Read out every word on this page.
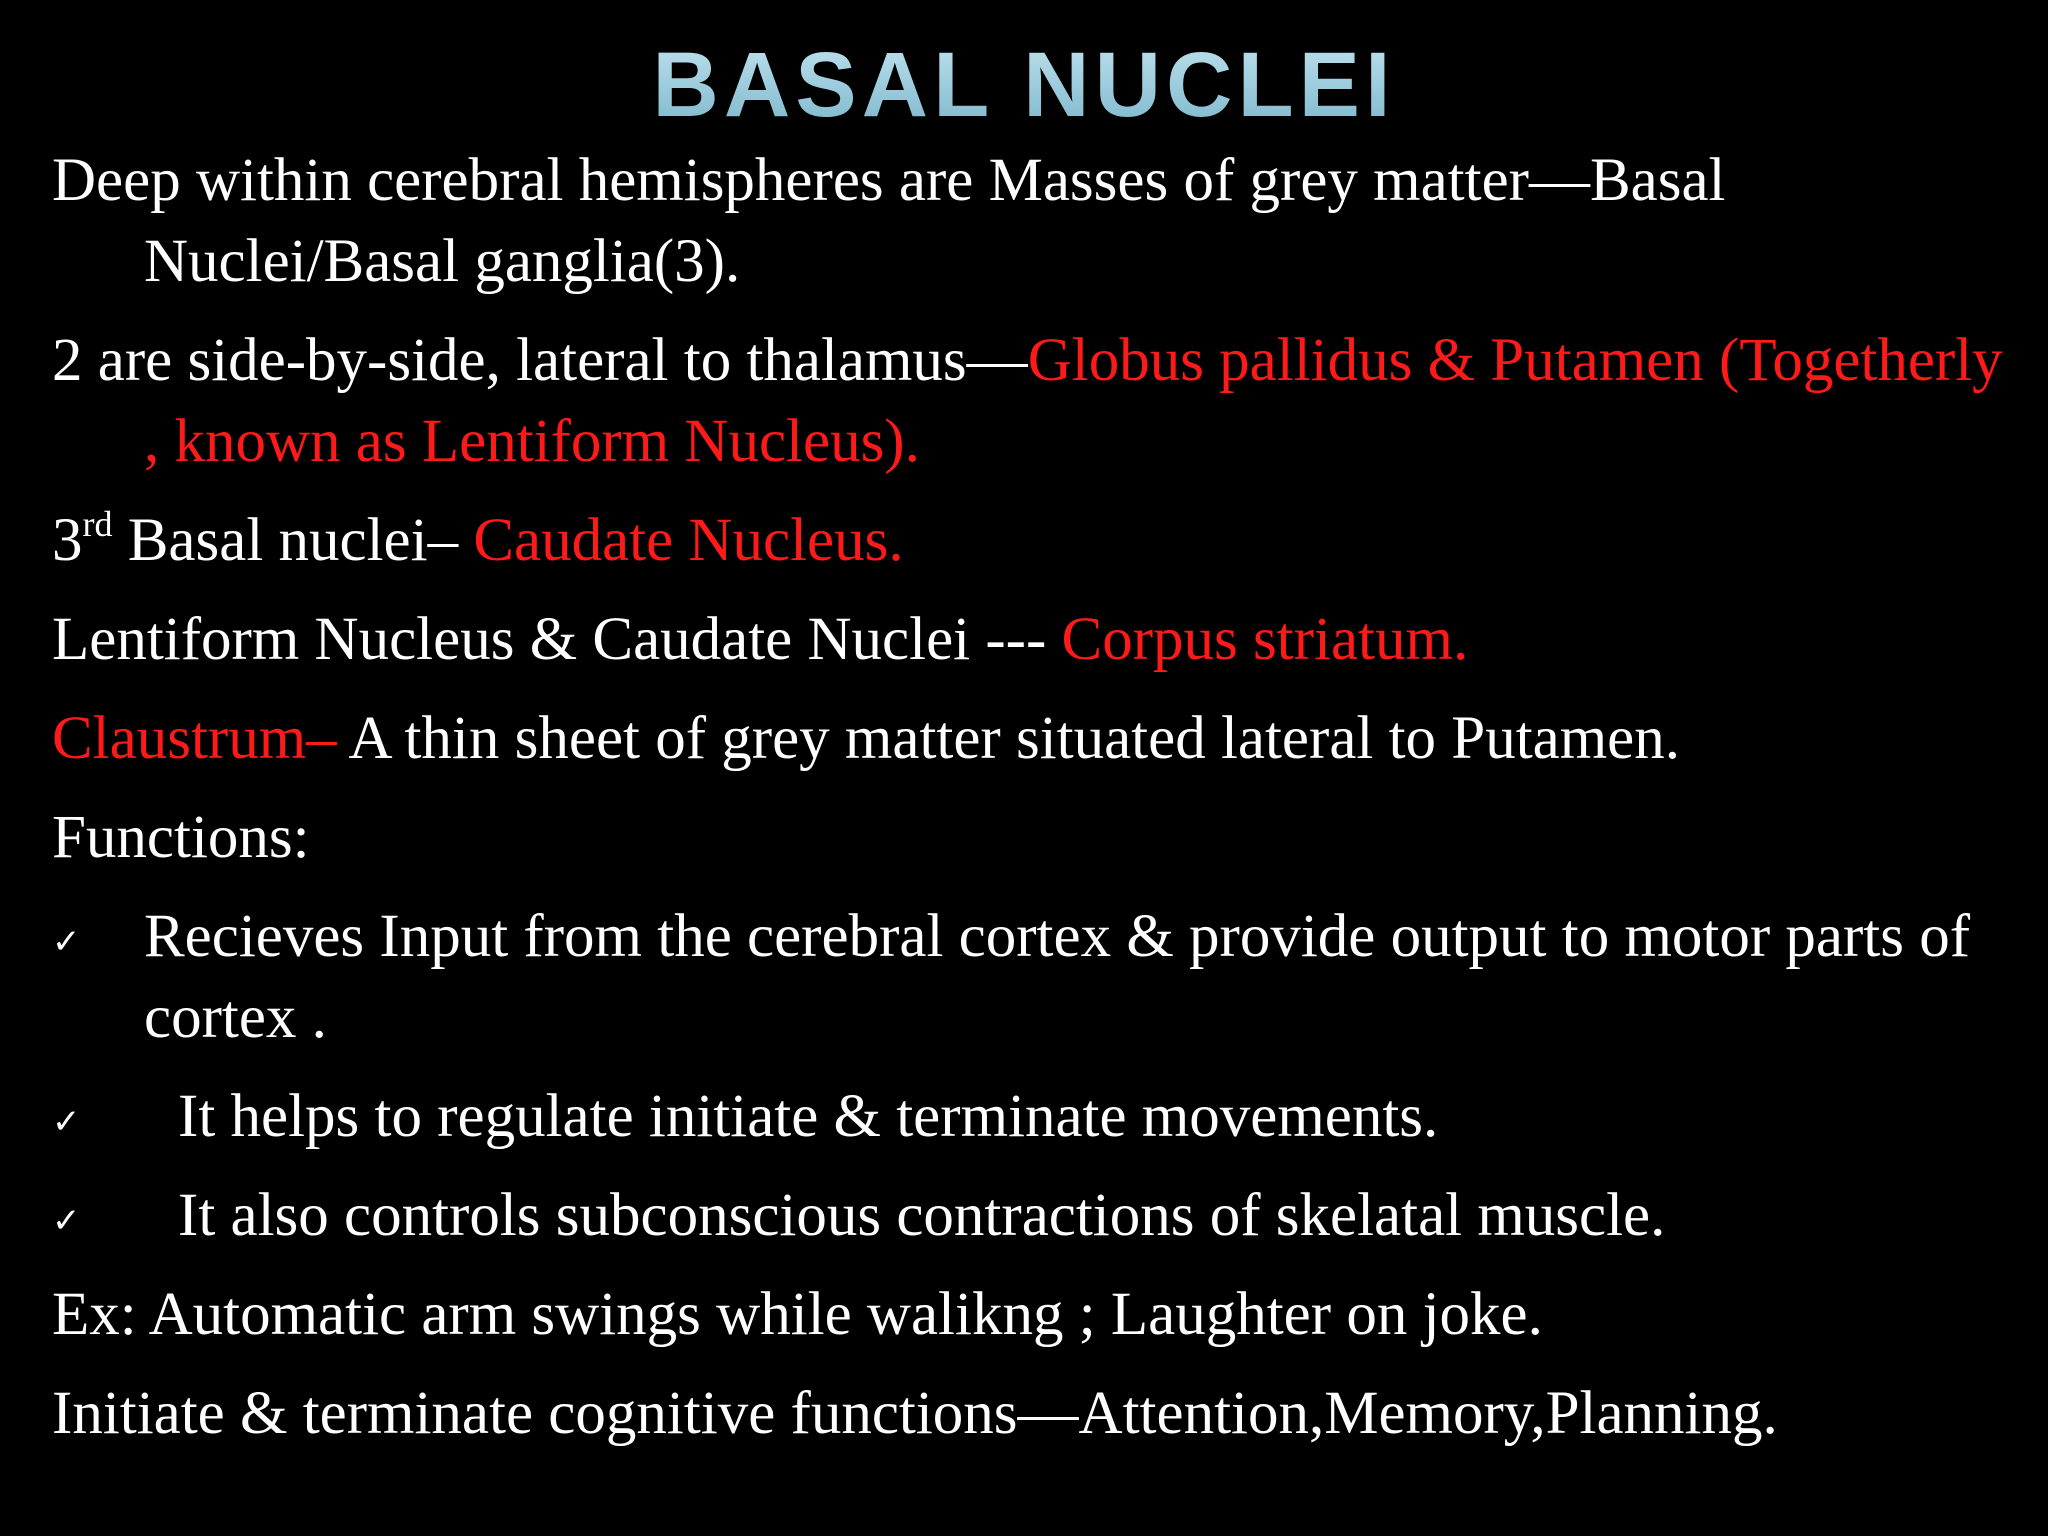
BASAL NUCLEI

Deep within cerebral hemispheres are Masses of grey matter—Basal Nuclei/Basal ganglia(3).

2 are side-by-side, lateral to thalamus—Globus pallidus & Putamen (Togetherly , known as Lentiform Nucleus).

3rd Basal nuclei– Caudate Nucleus.

Lentiform Nucleus & Caudate Nuclei --- Corpus striatum.

Claustrum– A thin sheet of grey matter situated lateral to Putamen.

Functions:

✓ Recieves Input from the cerebral cortex & provide output to motor parts of cortex .
✓ It helps to regulate initiate & terminate movements.
✓ It also controls subconscious contractions of skelatal muscle.

Ex: Automatic arm swings while walikng ; Laughter on joke.

Initiate & terminate cognitive functions—Attention,Memory,Planning.
